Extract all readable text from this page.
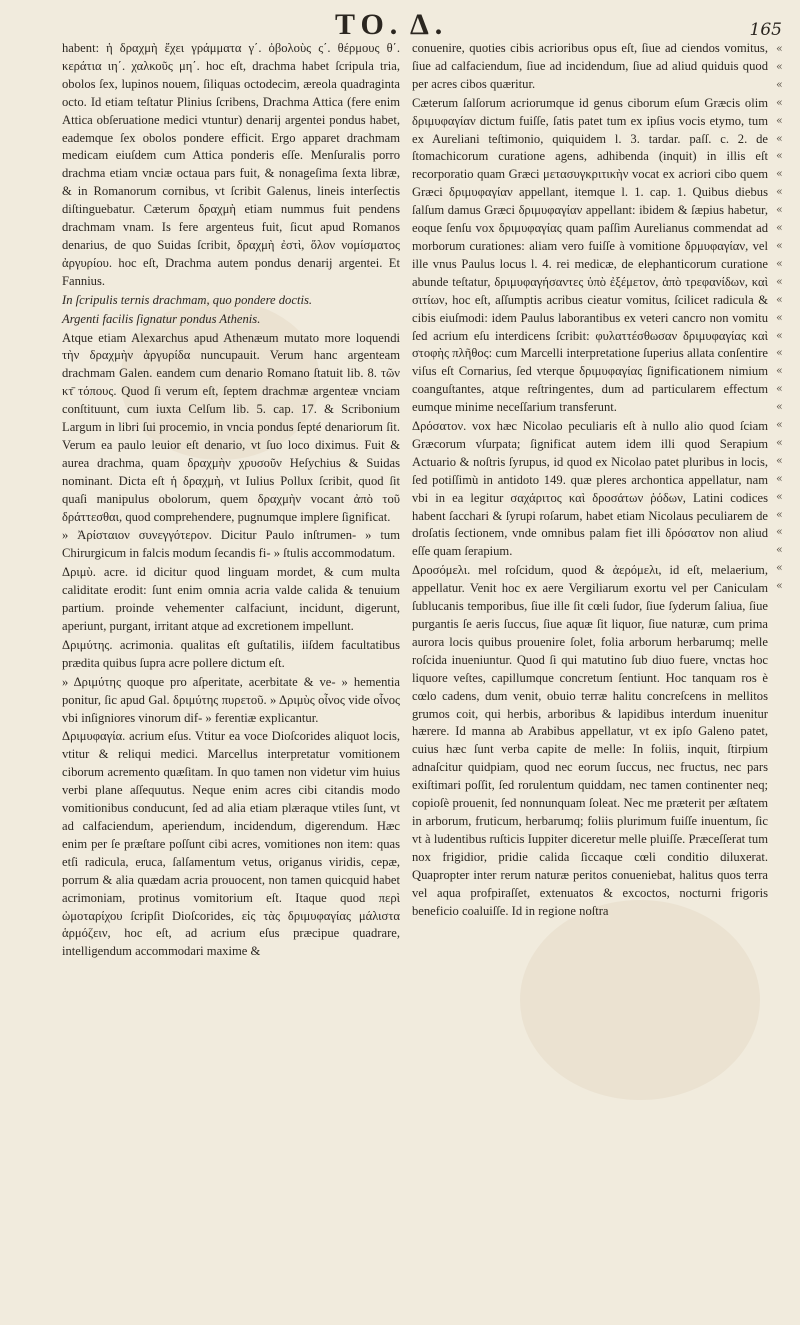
TO. Δ.	165

habent: ἡ δραχμὴ ἔχει γράμματα γ΄. ὀβολοὺς ς΄. θέρμους θ΄. κεράτια ιη΄. χαλκοῦς μη΄. hoc eſt, drachma habet ſcripula tria, obolos ſex, lupinos nouem, ſiliquas octodecim, æreola quadraginta octo. Id etiam teſtatur Plinius ſcribens, Drachma Attica (fere enim Attica obſeruatione medici vtuntur) denarij argentei pondus habet, eademque ſex obolos pondere efficit. Ergo apparet drachmam medicam eiuſdem cum Attica ponderis eſſe. Menſuralis porro drachma etiam vnciæ octaua pars fuit, & nonageſima ſexta libræ, & in Romanorum cornibus, vt ſcribit Galenus, lineis interſectis diſtinguebatur. Cæterum δραχμὴ etiam nummus fuit pendens drachmam vnam. Is fere argenteus fuit, ſicut apud Romanos denarius, de quo Suidas ſcribit, δραχμὴ ἐστὶ, ὅλον νομίσματος ἀργυρίου. hoc eſt, Drachma autem pondus denarij argentei. Et Fannius.

In ſcripulis ternis drachmam, quo pondere doctis.

Argenti facilis ſignatur pondus Athenis.

Atque etiam Alexarchus apud Athenæum mutato more loquendi τὴν δραχμὴν ἀργυρίδα nuncupauit. Verum hanc argenteam drachmam Galen. eandem cum denario Romano ſtatuit lib. 8. τῶν κτ̄ τόπους. Quod ſi verum eſt, ſeptem drachmæ argenteæ vnciam conſtituunt, cum iuxta Celſum lib. 5. cap. 17. & Scribonium Largum in libri ſui procemio, in vncia pondus ſepté denariorum ſit. Verum ea paulo leuior eſt denario, vt ſuo loco diximus. Fuit & aurea drachma, quam δραχμὴν χρυσοῦν Heſychius & Suidas nominant. Dicta eſt ἡ δραχμὴ, vt Iulius Pollux ſcribit, quod ſit quaſi manipulus obolorum, quem δραχμὴν vocant ἀπὸ τοῦ δράττεσθαι, quod comprehendere, pugnumque implere ſignificat.

» Ἀρίσταιον συνεγγότερον. Dicitur Paulo inſtrumen- » tum Chirurgicum in falcis modum ſecandis fi- » ſtulis accommodatum.

Δριμὺ. acre. id dicitur quod linguam mordet, & cum multa caliditate erodit: ſunt enim omnia acria valde calida & tenuium partium. proinde vehementer calfaciunt, incidunt, digerunt, aperiunt, purgant, irritant atque ad excretionem impellunt.

Δριμύτης. acrimonia. qualitas eſt guſtatilis, iiſdem facultatibus prædita quibus ſupra acre pollere dictum eſt.

» Δριμύτης quoque pro aſperitate, acerbitate & ve- » hementia ponitur, ſic apud Gal. δριμύτης πυρετοῦ. » Δριμὺς οἶνος vide οἶνος vbi inſigniores vinorum dif- » ferentiæ explicantur.

Δριμυφαγία. acrium eſus. Vtitur ea voce Dioſcorides aliquot locis, vtitur & reliqui medici. Marcellus interpretatur vomitionem ciborum acremento quæſitam. In quo tamen non videtur vim huius verbi plane aſſequutus. Neque enim acres cibi citandis modo vomitionibus conducunt, ſed ad alia etiam plæraque vtiles ſunt, vt ad calfaciendum, aperiendum, incidendum, digerendum. Hæc enim per ſe præſtare poſſunt cibi acres, vomitiones non item: quas etſi radicula, eruca, ſalſamentum vetus, origanus viridis, cepæ, porrum & alia quædam acria prouocent, non tamen quicquid habet acrimoniam, protinus vomitorium eſt. Itaque quod περὶ ὠμοταρίχου ſcripſit Dioſcorides, εἰς τὰς δριμυφαγίας μάλιστα ἁρμόζειν, hoc eſt, ad acrium eſus præcipue quadrare, intelligendum accommodari maxime &

conuenire, quoties cibis acrioribus opus eſt, ſiue ad ciendos vomitus, ſiue ad calfaciendum, ſiue ad incidendum, ſiue ad aliud quiduis quod per acres cibos quæritur.

Cæterum ſalſorum acriorumque id genus ciborum eſum Græcis olim δριμυφαγίαν dictum fuiſſe, ſatis patet tum ex ipſius vocis etymo, tum ex Aureliani teſtimonio, quiquidem l. 3. tardar. paſſ. c. 2. de ſtomachicorum curatione agens, adhibenda (inquit) in illis eſt recorporatio quam Græci μετασυγκριτικὴν vocat ex acriori cibo quem Græci δριμυφαγίαν appellant, itemque l. 1. cap. 1. Quibus diebus ſalſum damus Græci δριμυφαγίαν appellant: ibidem & ſæpius habetur, eoque ſenſu vox δριμυφαγίας quam paſſim Aurelianus commendat ad morborum curationes: aliam vero fuiſſe à vomitione δρμυφαγίαν, vel ille vnus Paulus locus l. 4. rei medicæ, de elephanticorum curatione abunde teſtatur, δριμυφαγήσαντες ὑπὸ ἐξέμετον, ἀπὸ τρεφανίδων, καὶ σιτίων, hoc eſt, aſſumptis acribus cieatur vomitus, ſcilicet radicula & cibis eiuſmodi: idem Paulus laborantibus ex veteri cancro non vomitu ſed acrium eſu interdicens ſcribit: φυλαττέσθωσαν δριμυφαγίας καὶ στοφὴς πλῆθος: cum Marcelli interpretatione ſuperius allata conſentire viſus eſt Cornarius, ſed vterque δριμυφαγίας ſignificationem nimium coanguſtantes, atque reſtringentes, dum ad particularem effectum eumque minime neceſſarium transferunt.

Δρόσατον. vox hæc Nicolao peculiaris eſt à nullo alio quod ſciam Græcorum vſurpata; ſignificat autem idem illi quod Serapium Actuario & noſtris ſyrupus, id quod ex Nicolao patet pluribus in locis, ſed potiſſimù in antidoto 149. quæ pleres archontica appellatur, nam vbi in ea legitur σαχάριτος καὶ δροσάτων ῥόδων, Latini codices habent ſacchari & ſyrupi roſarum, habet etiam Nicolaus peculiarem de droſatis ſectionem, vnde omnibus palam fiet illi δρόσατον non aliud eſſe quam ſerapium.

Δροσόμελι. mel roſcidum, quod & ἀερόμελι, id eſt, melaerium, appellatur. Venit hoc ex aere Vergiliarum exortu vel per Caniculam ſublucanis temporibus, ſiue ille ſit cœli ſudor, ſiue ſyderum ſaliua, ſiue purgantis ſe aeris ſuccus, ſiue aquæ ſit liquor, ſiue naturæ, cum prima aurora locis quibus prouenire ſolet, folia arborum herbarumq; melle roſcida inueniuntur. Quod ſi qui matutino ſub diuo fuere, vnctas hoc liquore veſtes, capillumque concretum ſentiunt. Hoc tanquam ros è cœlo cadens, dum venit, obuio terræ halitu concreſcens in mellitos grumos coit, qui herbis, arboribus & lapidibus interdum inuenitur hærere. Id manna ab Arabibus appellatur, vt ex ipſo Galeno patet, cuius hæc ſunt verba capite de melle: In foliis, inquit, ſtirpium adnaſcitur quidpiam, quod nec eorum ſuccus, nec fructus, nec pars exiſtimari poſſit, ſed rorulentum quiddam, nec tamen continenter neq; copioſè prouenit, ſed nonnunquam ſoleat. Nec me præterit per æſtatem in arborum, fruticum, herbarumq; foliis plurimum fuiſſe inuentum, ſic vt à ludentibus ruſticis Iuppiter diceretur melle pluiſſe. Præceſſerat tum nox frigidior, pridie calida ſiccaque cœli conditio diluxerat. Quapropter inter rerum naturæ peritos conueniebat, halitus quos terra vel aqua profpiraſſet, extenuatos & excoctos, nocturni frigoris beneficio coaluiſſe. Id in regione noſtra

« « « « « « « « « « « « « « « « « « « « « « « « « « « « « « «
